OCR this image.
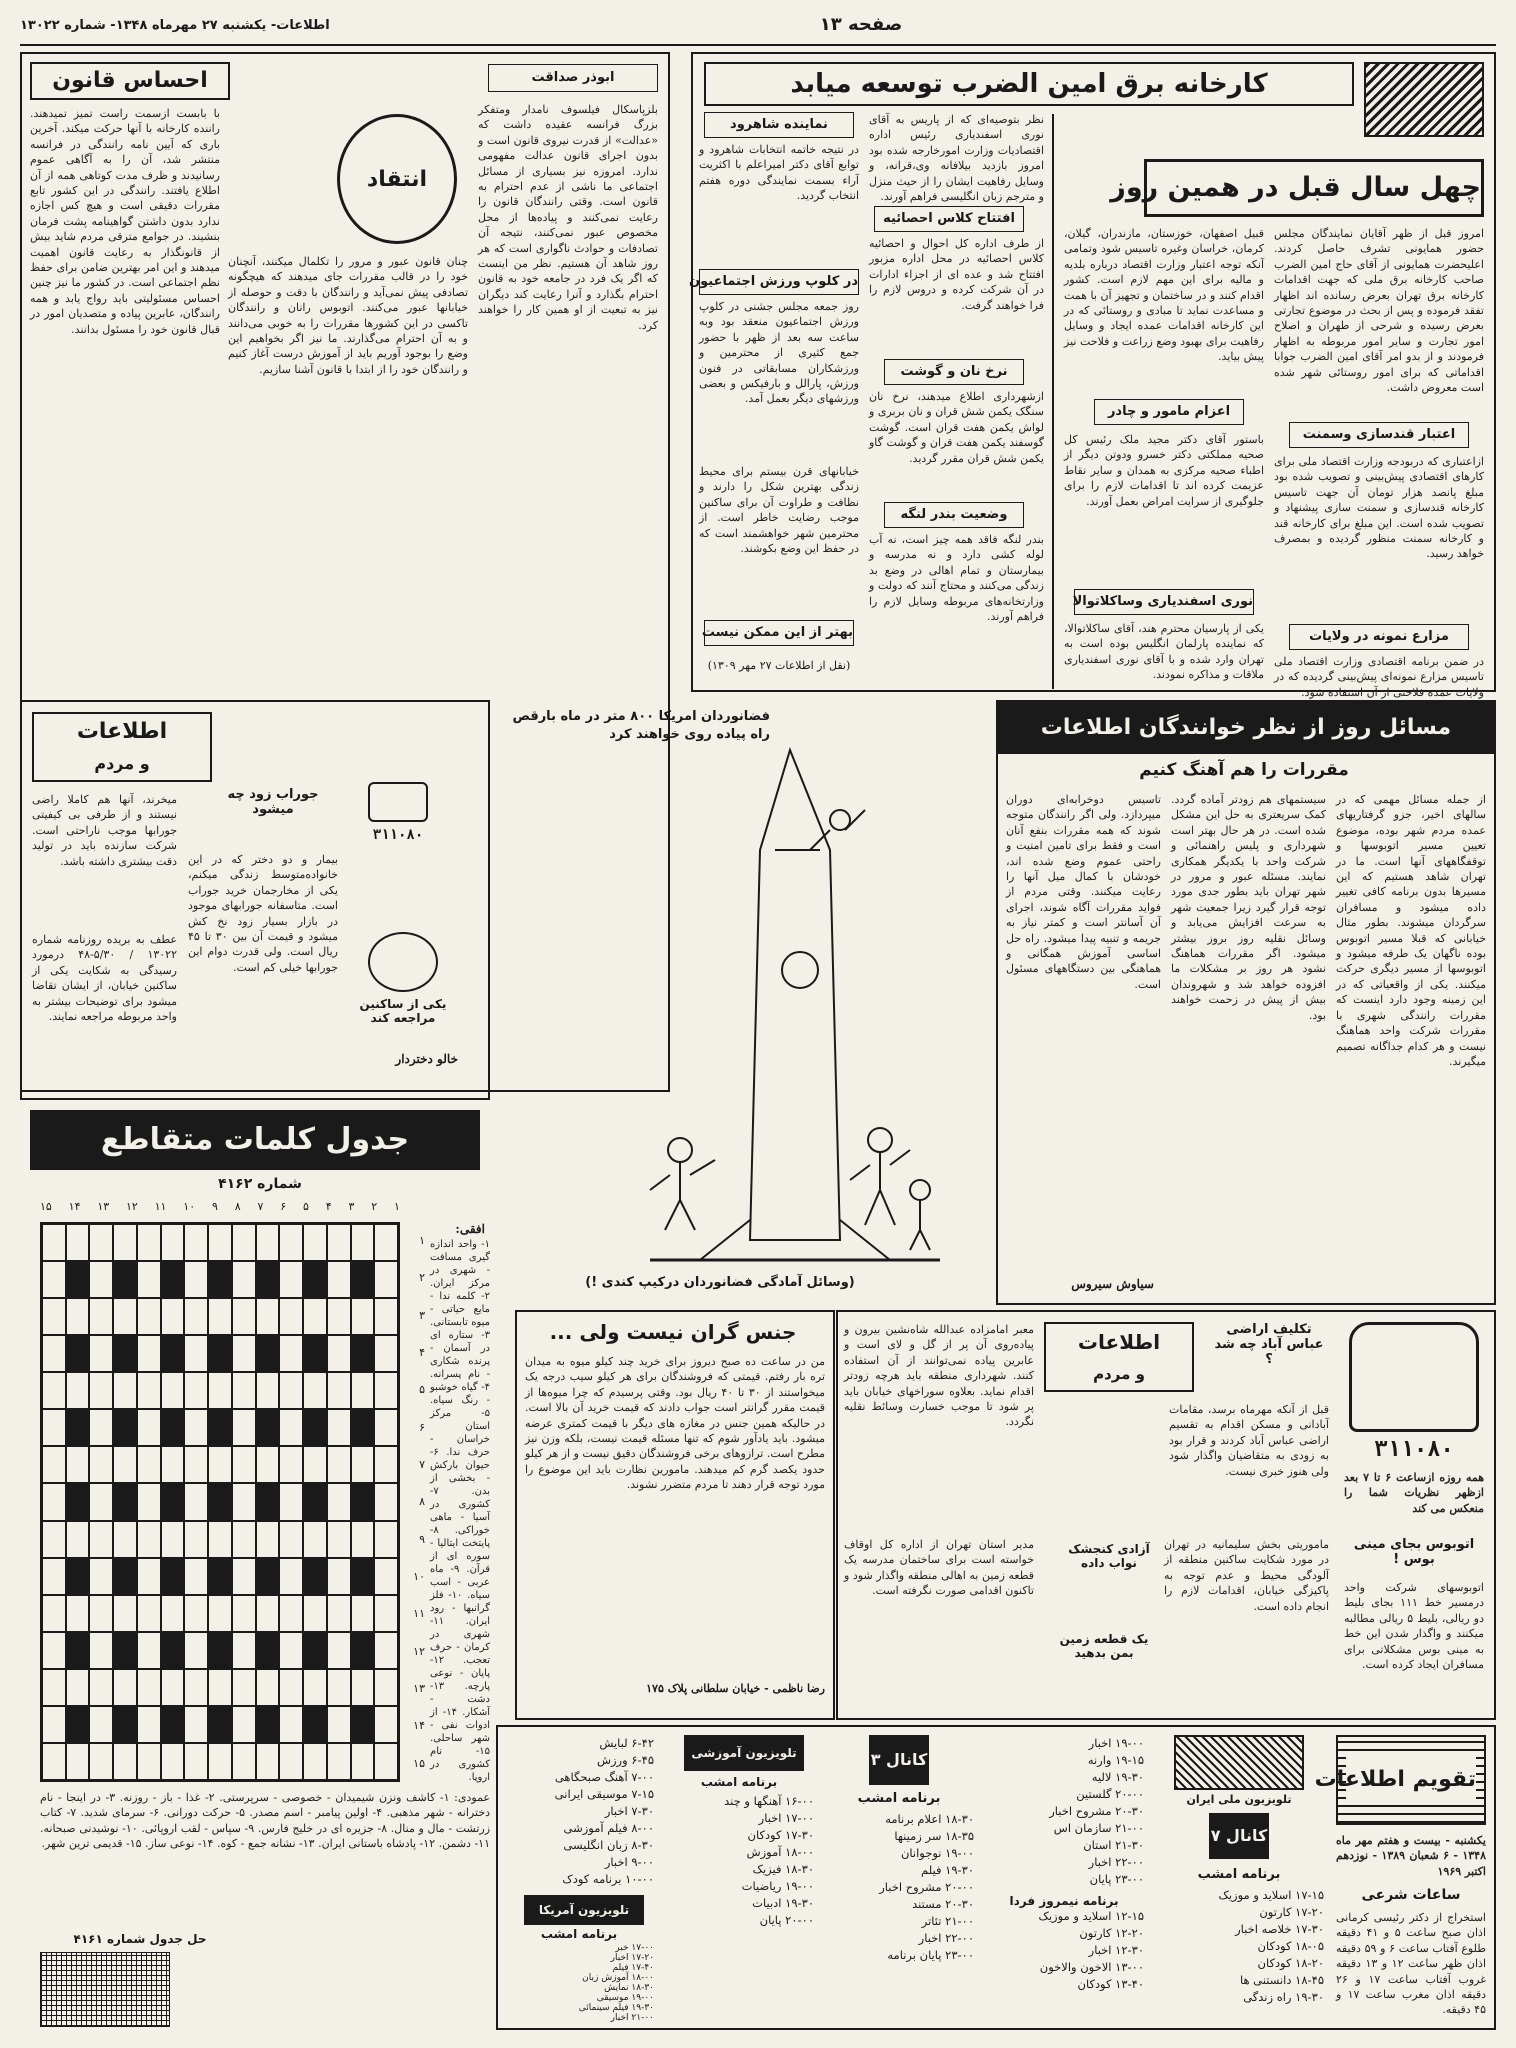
صفحه ۱۳
اطلاعات- یکشنبه ۲۷ مهرماه ۱۳۴۸- شماره ۱۳۰۲۲
کارخانه برق امین الضرب توسعه میابد
چهل سال قبل در همین روز
امروز قبل از ظهر آقایان نمایندگان مجلس حضور همایونی تشرف حاصل کردند. اعلیحضرت همایونی از آقای حاج امین الضرب صاحب کارخانه برق ملی که جهت اقدامات کارخانه برق تهران بعرض رسانده اند اظهار تفقد فرموده و پس از بحث در موضوع تجارتی بعرض رسیده و شرحی از طهران و اصلاح امور تجارت و سایر امور مربوطه به اظهار فرمودند و از بدو امر آقای امین الضرب جوابا اقداماتی که برای امور روستائی شهر شده است معروض داشت.
قبیل اصفهان، خوزستان، مازندران، گیلان، کرمان، خراسان وغیره تاسیس شود وتمامی آنکه توجه اعتبار وزارت اقتصاد درباره بلدیه و مالیه برای این مهم لازم است. کشور اقدام کنند و در ساختمان و تجهیز آن با همت و مساعدت نماید تا مبادی و روستائی که در این کارخانه اقدامات عمده ایجاد و وسایل رفاهیت برای بهبود وضع زراعت و فلاحت نیز پیش بیاید.
اعتبار قندسازی وسمنت
ازاعتباری که دربودجه وزارت اقتصاد ملی برای کارهای اقتصادی پیش‌بینی و تصویب شده بود مبلغ پانصد هزار تومان آن جهت تاسیس کارخانه قندسازی و سمنت سازی پیشنهاد و تصویب شده است. این مبلغ برای کارخانه قند و کارخانه سمنت منظور گردیده و بمصرف خواهد رسید.
مزارع نمونه در ولایات
در ضمن برنامه اقتصادی وزارت اقتصاد ملی تاسیس مزارع نمونه‌ای پیش‌بینی گردیده که در ولایات عمده فلاحتی از آن استفاده شود.
اعزام مامور و چادر
باستور آقای دکتر مجید ملک رئیس کل صحیه مملکتی دکتر خسرو ودوتن دیگر از اطباء صحیه مرکزی به همدان و سایر نقاط عزیمت کرده اند تا اقدامات لازم را برای جلوگیری از سرایت امراض بعمل آورند.
نوری اسفندیاری وساکلاتوالا
یکی از پارسیان محترم هند، آقای ساکلاتوالا، که نماینده پارلمان انگلیس بوده است به تهران وارد شده و با آقای نوری اسفندیاری ملاقات و مذاکره نمودند.
نظر بتوصیه‌ای که از پاریس به آقای نوری اسفندیاری رئیس اداره اقتصادیات وزارت امورخارجه شده بود امروز بازدید بیلافانه وی،قرانه، و وسایل رفاهیت ایشان را از حیث منزل و مترجم زبان انگلیسی فراهم آورند.
نماینده شاهرود
در نتیجه خاتمه انتخابات شاهرود و توابع آقای دکتر امیراعلم با اکثریت آراء بسمت نمایندگی دوره هفتم انتخاب گردید.
افتتاح کلاس احصائیه
از طرف اداره کل احوال و احصائیه کلاس احصائیه در محل اداره مزبور افتتاح شد و عده ای از اجزاء ادارات در آن شرکت کرده و دروس لازم را فرا خواهند گرفت.
در کلوپ ورزش اجتماعیون
روز جمعه مجلس جشنی در کلوپ ورزش اجتماعیون منعقد بود وبه ساعت سه بعد از ظهر با حضور جمع کثیری از محترمین و ورزشکاران مسابقاتی در فنون ورزش، پارالل و بارفیکس و بعضی ورزشهای دیگر بعمل آمد.
نرخ نان و گوشت
ازشهرداری اطلاع میدهند، نرخ نان سنگک یکمن شش قران و نان بربری و لواش یکمن هفت قران است. گوشت گوسفند یکمن هفت قران و گوشت گاو یکمن شش قران مقرر گردید.
وضعیت بندر لنگه
بندر لنگه فاقد همه چیز است، نه آب لوله کشی دارد و نه مدرسه و بیمارستان و تمام اهالی در وضع بد زندگی می‌کنند و محتاج آنند که دولت و وزارتخانه‌های مربوطه وسایل لازم را فراهم آورند.
خیابانهای قرن بیستم برای محیط زندگی بهترین شکل را دارند و نظافت و طراوت آن برای ساکنین موجب رضایت خاطر است. از محترمین شهر خواهشمند است که در حفظ این وضع بکوشند.
بهتر از این ممکن نیست
(نقل از اطلاعات ۲۷ مهر ۱۳۰۹)
احساس قانون	ابوذر صداقت
انتقاد
بلزپاسکال فیلسوف نامدار ومتفکر بزرگ فرانسه عقیده داشت که «عدالت» از قدرت نیروی قانون است و بدون اجرای قانون عدالت مفهومی ندارد. امروزه نیز بسیاری از مسائل اجتماعی ما ناشی از عدم احترام به قانون است. وقتی رانندگان قانون را رعایت نمی‌کنند و پیاده‌ها از محل مخصوص عبور نمی‌کنند، نتیجه آن تصادفات و حوادث ناگواری است که هر روز شاهد آن هستیم. نظر من اینست که اگر یک فرد در جامعه خود به قانون احترام بگذارد و آنرا رعایت کند دیگران نیز به تبعیت از او همین کار را خواهند کرد.
چنان قانون عبور و مرور را تکلمال میکنند، آنچنان خود را در قالب مقررات جای میدهند که هیچگونه تصادفی پیش نمی‌آید و رانندگان با دقت و حوصله از خیابانها عبور می‌کنند. اتوبوس رانان و رانندگان تاکسی در این کشورها مقررات را به خوبی می‌دانند و به آن احترام می‌گذارند. ما نیز اگر بخواهیم این وضع را بوجود آوریم باید از آموزش درست آغاز کنیم و رانندگان خود را از ابتدا با قانون آشنا سازیم.
با بابست ازسمت راست تمیز تمیدهند. راننده کارخانه با آنها حرکت میکند. آخرین باری که آیین نامه رانندگی در فرانسه منتشر شد، آن را به آگاهی عموم رسانیدند و ظرف مدت کوتاهی همه از آن اطلاع یافتند. رانندگی در این کشور تابع مقررات دقیقی است و هیچ کس اجازه ندارد بدون داشتن گواهینامه پشت فرمان بنشیند. در جوامع مترقی مردم شاید بیش از قانونگذار به رعایت قانون اهمیت میدهند و این امر بهترین ضامن برای حفظ نظم اجتماعی است. در کشور ما نیز چنین احساس مسئولیتی باید رواج یابد و همه رانندگان، عابرین پیاده و متصدیان امور در قبال قانون خود را مسئول بدانند.
مسائل روز از نظر خوانندگان اطلاعات
مقررات را هم آهنگ کنیم
از جمله مسائل مهمی که در سالهای اخیر، جزو گرفتاریهای عمده مردم شهر بوده، موضوع تعیین مسیر اتوبوسها و توقفگاههای آنها است. ما در تهران شاهد هستیم که این مسیرها بدون برنامه کافی تغییر داده میشود و مسافران سرگردان میشوند. بطور مثال خیابانی که قبلا مسیر اتوبوس بوده ناگهان یک طرفه میشود و اتوبوسها از مسیر دیگری حرکت میکنند. یکی از واقعیاتی که در این زمینه وجود دارد اینست که مقررات رانندگی شهری با مقررات شرکت واحد هماهنگ نیست و هر کدام جداگانه تصمیم میگیرند.
سیستمهای هم زودتر آماده گردد. کمک سریعتری به حل این مشکل شده است. در هر حال بهتر است شهرداری و پلیس راهنمائی و شرکت واحد با یکدیگر همکاری نمایند. مسئله عبور و مرور در شهر تهران باید بطور جدی مورد توجه قرار گیرد زیرا جمعیت شهر به سرعت افزایش می‌یابد و وسائل نقلیه روز بروز بیشتر میشود. اگر مقررات هماهنگ نشود هر روز بر مشکلات ما افزوده خواهد شد و شهروندان بیش از پیش در زحمت خواهند بود.
تاسیس دوخرابه‌ای دوران میپردازد. ولی اگر رانندگان متوجه شوند که همه مقررات بنفع آنان است و فقط برای تامین امنیت و راحتی عموم وضع شده اند، خودشان با کمال میل آنها را رعایت میکنند. وقتی مردم از فواید مقررات آگاه شوند، اجرای آن آسانتر است و کمتر نیاز به جریمه و تنبیه پیدا میشود. راه حل اساسی آموزش همگانی و هماهنگی بین دستگاههای مسئول است.
سیاوش سیروس
فضانوردان امریکا ۸۰۰ متر در ماه بارقص راه پیاده روی خواهند کرد
(وسائل آمادگی فضانوردان درکیپ کندی !)
اطلاعات
و مردم
۳۱۱۰۸۰
جوراب زود چه میشود
بیمار و دو دختر که در این خانواده‌متوسط زندگی میکنم، یکی از مخارجمان خرید جوراب است. متاسفانه جورابهای موجود در بازار بسیار زود نخ کش میشود و قیمت آن بین ۳۰ تا ۴۵ ریال است. ولی قدرت دوام این جورابها خیلی کم است.
میخرند، آنها هم کاملا راضی نیستند و از طرفی بی کیفیتی جورابها موجب ناراحتی است. شرکت سازنده باید در تولید دقت بیشتری داشته باشد.
یکی از ساکنین مراجعه کند
عطف به بریده روزنامه شماره ۱۳۰۲۲ / ۵/۳۰-۴۸ درمورد رسیدگی به شکایت یکی از ساکنین خیابان، از ایشان تقاضا میشود برای توضیحات بیشتر به واحد مربوطه مراجعه نمایند.
خالو دختردار
جدول کلمات متقاطع
شماره ۴۱۶۲
۱۵ ۱۴ ۱۳ ۱۲ ۱۱ ۱۰ ۹ ۸ ۷ ۶ ۵ ۴ ۳ ۲ ۱
۱
۲
۳
۴
۵
۶
۷
۸
۹
۱۰
۱۱
۱۲
۱۳
۱۴
۱۵
افقی:
۱- واحد اندازه گیری مسافت - شهری در مرکز ایران. ۲- کلمه ندا - مایع حیاتی - میوه تابستانی. ۳- ستاره ای در آسمان - پرنده شکاری - نام پسرانه. ۴- گیاه خوشبو - رنگ سیاه. ۵- مرکز استان خراسان - حرف ندا. ۶- حیوان بارکش - بخشی از بدن. ۷- کشوری در آسیا - ماهی خوراکی. ۸- پایتخت ایتالیا - سوره ای از قرآن. ۹- ماه عربی - اسب سیاه. ۱۰- فلز گرانبها - رود ایران. ۱۱- شهری در کرمان - حرف تعجب. ۱۲- پایان - نوعی پارچه. ۱۳- دشت - آشکار. ۱۴- از ادوات نفی - شهر ساحلی. ۱۵- نام کشوری در اروپا.
عمودی: ۱- کاشف ونزن شیمیدان - خصوصی - سرپرستی. ۲- غذا - باز - روزنه. ۳- در اینجا - نام دخترانه - شهر مذهبی. ۴- اولین پیامبر - اسم مصدر. ۵- حرکت دورانی. ۶- سرمای شدید. ۷- کتاب زرتشت - مال و منال. ۸- جزیره ای در خلیج فارس. ۹- سپاس - لقب اروپائی. ۱۰- نوشیدنی صبحانه. ۱۱- دشمن. ۱۲- پادشاه باستانی ایران. ۱۳- نشانه جمع - کوه. ۱۴- نوعی ساز. ۱۵- قدیمی ترین شهر.
حل جدول شماره ۴۱۶۱
جنس گران نیست ولی ...
من در ساعت ده صبح دیروز برای خرید چند کیلو میوه به میدان تره بار رفتم. قیمتی که فروشندگان برای هر کیلو سیب درجه یک میخواستند از ۳۰ تا ۴۰ ریال بود. وقتی پرسیدم که چرا میوه‌ها از قیمت مقرر گرانتر است جواب دادند که قیمت خرید آن بالا است. در حالیکه همین جنس در مغازه های دیگر با قیمت کمتری عرضه میشود. باید یادآور شوم که تنها مسئله قیمت نیست، بلکه وزن نیز مطرح است. ترازوهای برخی فروشندگان دقیق نیست و از هر کیلو حدود یکصد گرم کم میدهند. مامورین نظارت باید این موضوع را مورد توجه قرار دهند تا مردم متضرر نشوند.
رضا ناظمی - خیابان سلطانی پلاک ۱۷۵
اطلاعات
و مردم
۳۱۱۰۸۰
همه روزه ازساعت ۶ تا ۷ بعد ازظهر نظریات شما را منعکس می کند
تکلیف اراضی عباس آباد چه شد ؟
قبل از آنکه مهرماه برسد، مقامات آبادانی و مسکن اقدام به تقسیم اراضی عباس آباد کردند و قرار بود به زودی به متقاضیان واگذار شود ولی هنوز خبری نیست.
اتوبوس بجای مینی بوس !
اتوبوسهای شرکت واحد درمسیر خط ۱۱۱ بجای بلیط دو ریالی، بلیط ۵ ریالی مطالبه میکنند و واگذار شدن این خط به مینی بوس مشکلاتی برای مسافران ایجاد کرده است.
آزادی کنجشک نواب داده
ماموریتی بخش سلیمانیه در تهران در مورد شکایت ساکنین منطقه از آلودگی محیط و عدم توجه به پاکیزگی خیابان، اقدامات لازم را انجام داده است.
معبر امامزاده عبدالله شاه‌نشین بیرون و پیاده‌روی آن پر از گل و لای است و عابرین پیاده نمی‌توانند از آن استفاده کنند. شهرداری منطقه باید هرچه زودتر اقدام نماید. بعلاوه سوراخهای خیابان باید پر شود تا موجب خسارت وسائط نقلیه نگردد.
یک قطعه زمین بمن بدهید
مدیر استان تهران از اداره کل اوقاف خواسته است برای ساختمان مدرسه یک قطعه زمین به اهالی منطقه واگذار شود و تاکنون اقدامی صورت نگرفته است.
تقویم اطلاعات
یکشنبه - بیست و هفتم مهر ماه ۱۳۴۸ - ۶ شعبان ۱۳۸۹ - نوزدهم اکتبر ۱۹۶۹
ساعات شرعی
استخراج از دکتر رئیسی کرمانی اذان صبح ساعت ۵ و ۴۱ دقیقه طلوع آفتاب ساعت ۶ و ۵۹ دقیقه اذان ظهر ساعت ۱۲ و ۱۳ دقیقه غروب آفتاب ساعت ۱۷ و ۲۶ دقیقه اذان مغرب ساعت ۱۷ و ۴۵ دقیقه.
تلویزیون ملی ایران
کانال ۷
برنامه امشب
۱۷-۱۵ اسلاید و موزیک
۱۷-۲۰ کارتون
۱۷-۳۰ خلاصه اخبار
۱۸-۰۵ کودکان
۱۸-۲۰ کودکان
۱۸-۴۵ دانستنی ها
۱۹-۳۰ راه زندگی
۱۹-۰۰ اخبار
۱۹-۱۵ وارنه
۱۹-۳۰ لالیه
۲۰-۰۰ گلستین
۲۰-۳۰ مشروح اخبار
۲۱-۰۰ سازمان اس
۲۱-۳۰ استان
۲۲-۰۰ اخبار
۲۳-۰۰ پایان
برنامه نیمروز فردا
۱۲-۱۵ اسلاید و موزیک
۱۲-۲۰ کارتون
۱۲-۳۰ اخبار
۱۳-۰۰ الاخون والاخون
۱۳-۴۰ کودکان
کانال ۳
برنامه امشب
۱۸-۳۰ اعلام برنامه
۱۸-۳۵ سر زمینها
۱۹-۰۰ نوجوانان
۱۹-۳۰ فیلم
۲۰-۰۰ مشروح اخبار
۲۰-۳۰ مستند
۲۱-۰۰ تئاتر
۲۲-۰۰ اخبار
۲۳-۰۰ پایان برنامه
تلویزیون آموزشی
برنامه امشب
۱۶-۰۰ آهنگها و چند
۱۷-۰۰ اخبار
۱۷-۳۰ کودکان
۱۸-۰۰ آموزش
۱۸-۳۰ فیزیک
۱۹-۰۰ ریاضیات
۱۹-۳۰ ادبیات
۲۰-۰۰ پایان
۶-۴۲ لبایش
۶-۴۵ ورزش
۷-۰۰ آهنگ صبحگاهی
۷-۱۵ موسیقی ایرانی
۷-۳۰ اخبار
۸-۰۰ فیلم آموزشی
۸-۳۰ زبان انگلیسی
۹-۰۰ اخبار
۱۰-۰۰ برنامه کودک
تلویزیون آمریکا
برنامه امشب
۱۷-۰۰ خبر
۱۷-۲۰ اخبار
۱۷-۴۰ فیلم
۱۸-۰۰ آموزش زبان
۱۸-۳۰ نمایش
۱۹-۰۰ موسیقی
۱۹-۳۰ فیلم سینمائی
۲۱-۰۰ اخبار
